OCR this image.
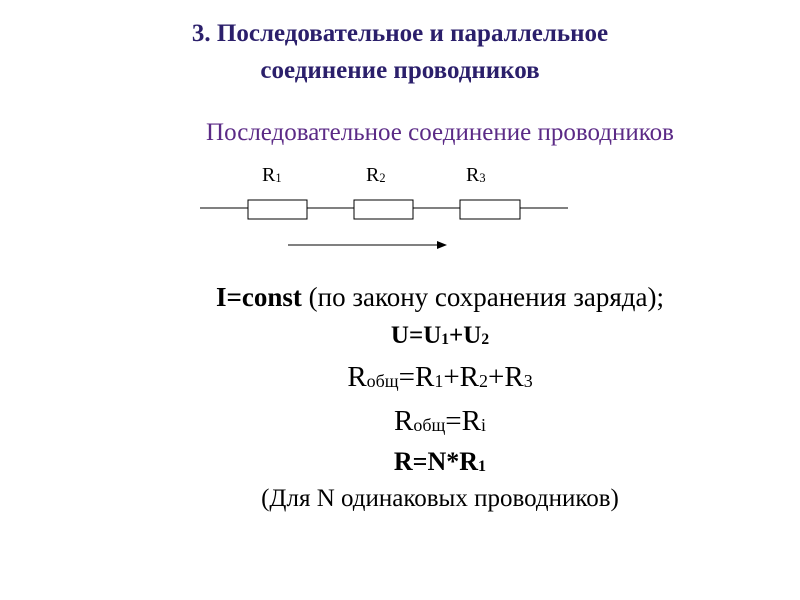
3. Последовательное и параллельное
соединение проводников
Последовательное соединение проводников
$R_1$	$R_2$	$R_3$
I=const (по закону сохранения заряда);
$U=U_1+U_2$
$R_{общ}=R_1+R_2+R_3$
$R_{общ}=R_i$
$R=N*R_1$
(Для N одинаковых проводников)
